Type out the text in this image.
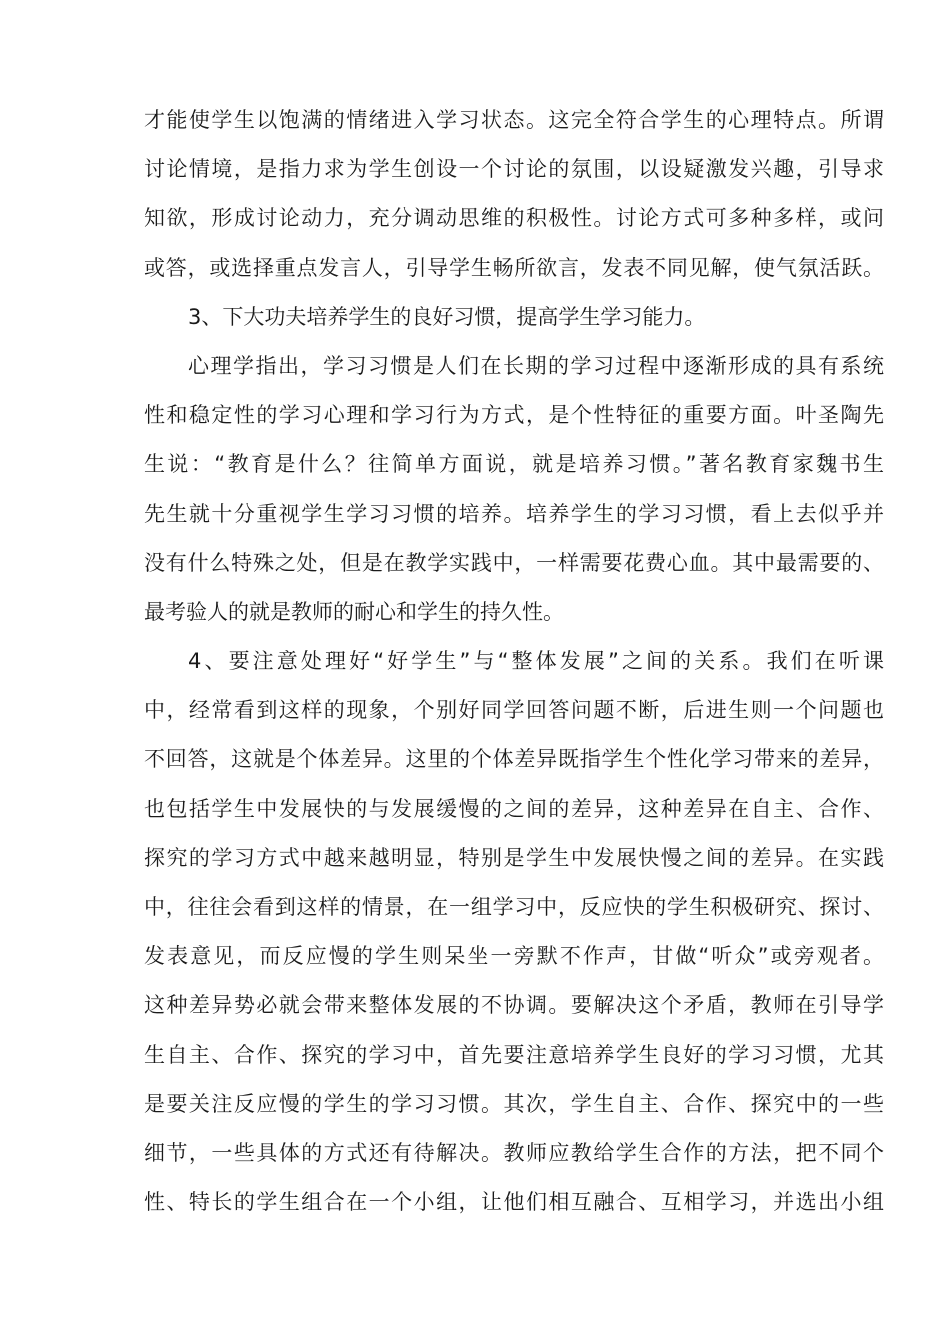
才能使学生以饱满的情绪进入学习状态。这完全符合学生的心理特点。所谓
讨论情境，是指力求为学生创设一个讨论的氛围，以设疑激发兴趣，引导求
知欲，形成讨论动力，充分调动思维的积极性。讨论方式可多种多样，或问
或答，或选择重点发言人，引导学生畅所欲言，发表不同见解，使气氛活跃。
3、下大功夫培养学生的良好习惯，提高学生学习能力。
心理学指出，学习习惯是人们在长期的学习过程中逐渐形成的具有系统
性和稳定性的学习心理和学习行为方式，是个性特征的重要方面。叶圣陶先
生说：“教育是什么？往简单方面说，就是培养习惯。”著名教育家魏书生
先生就十分重视学生学习习惯的培养。培养学生的学习习惯，看上去似乎并
没有什么特殊之处，但是在教学实践中，一样需要花费心血。其中最需要的、
最考验人的就是教师的耐心和学生的持久性。
4、要注意处理好“好学生”与“整体发展”之间的关系。我们在听课
中，经常看到这样的现象，个别好同学回答问题不断，后进生则一个问题也
不回答，这就是个体差异。这里的个体差异既指学生个性化学习带来的差异，
也包括学生中发展快的与发展缓慢的之间的差异，这种差异在自主、合作、
探究的学习方式中越来越明显，特别是学生中发展快慢之间的差异。在实践
中，往往会看到这样的情景，在一组学习中，反应快的学生积极研究、探讨、
发表意见，而反应慢的学生则呆坐一旁默不作声，甘做“听众”或旁观者。
这种差异势必就会带来整体发展的不协调。要解决这个矛盾，教师在引导学
生自主、合作、探究的学习中，首先要注意培养学生良好的学习习惯，尤其
是要关注反应慢的学生的学习习惯。其次，学生自主、合作、探究中的一些
细节，一些具体的方式还有待解决。教师应教给学生合作的方法，把不同个
性、特长的学生组合在一个小组，让他们相互融合、互相学习，并选出小组
